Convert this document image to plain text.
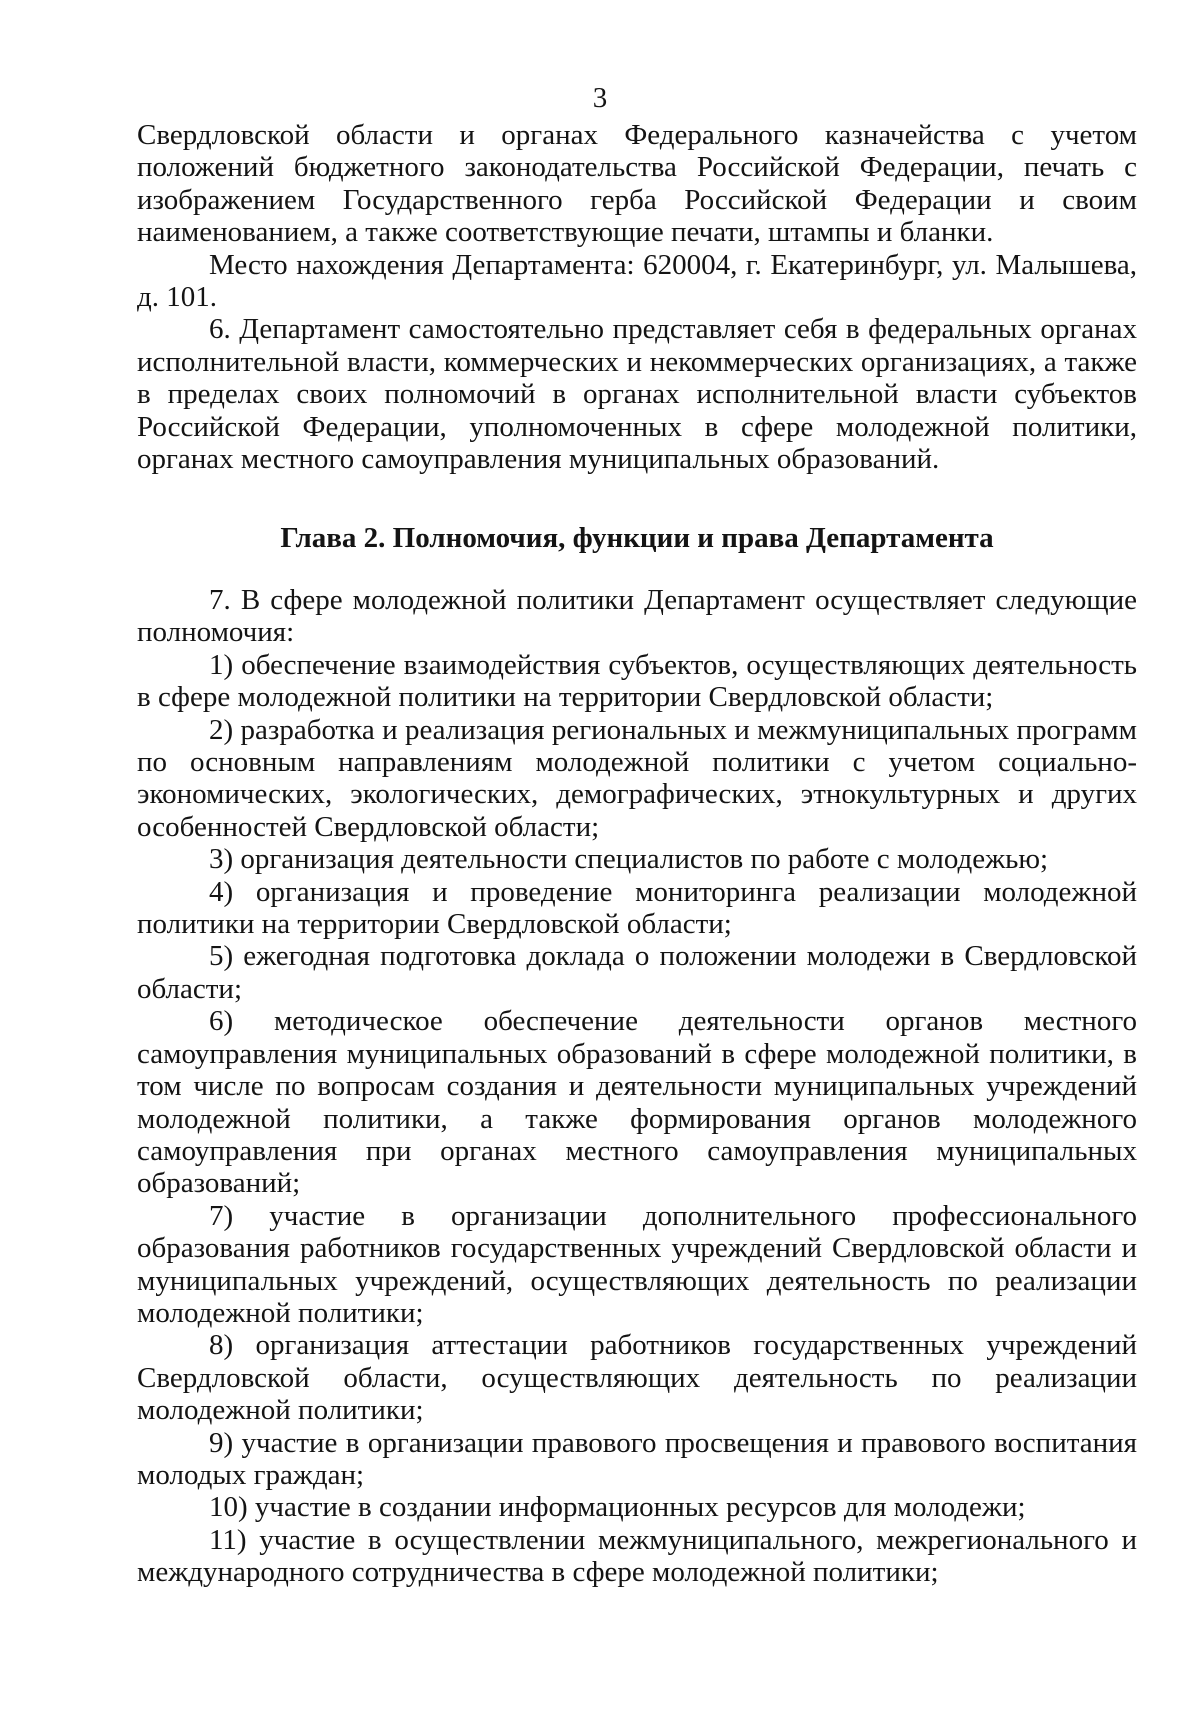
3

Свердловской области и органах Федерального казначейства с учетом положений бюджетного законодательства Российской Федерации, печать с изображением Государственного герба Российской Федерации и своим наименованием, а также соответствующие печати, штампы и бланки.

Место нахождения Департамента: 620004, г. Екатеринбург, ул. Малышева, д. 101.

6. Департамент самостоятельно представляет себя в федеральных органах исполнительной власти, коммерческих и некоммерческих организациях, а также в пределах своих полномочий в органах исполнительной власти субъектов Российской Федерации, уполномоченных в сфере молодежной политики, органах местного самоуправления муниципальных образований.

Глава 2. Полномочия, функции и права Департамента

7. В сфере молодежной политики Департамент осуществляет следующие полномочия:

1) обеспечение взаимодействия субъектов, осуществляющих деятельность в сфере молодежной политики на территории Свердловской области;

2) разработка и реализация региональных и межмуниципальных программ по основным направлениям молодежной политики с учетом социально-экономических, экологических, демографических, этнокультурных и других особенностей Свердловской области;

3) организация деятельности специалистов по работе с молодежью;

4) организация и проведение мониторинга реализации молодежной политики на территории Свердловской области;

5) ежегодная подготовка доклада о положении молодежи в Свердловской области;

6) методическое обеспечение деятельности органов местного самоуправления муниципальных образований в сфере молодежной политики, в том числе по вопросам создания и деятельности муниципальных учреждений молодежной политики, а также формирования органов молодежного самоуправления при органах местного самоуправления муниципальных образований;

7) участие в организации дополнительного профессионального образования работников государственных учреждений Свердловской области и муниципальных учреждений, осуществляющих деятельность по реализации молодежной политики;

8) организация аттестации работников государственных учреждений Свердловской области, осуществляющих деятельность по реализации молодежной политики;

9) участие в организации правового просвещения и правового воспитания молодых граждан;

10) участие в создании информационных ресурсов для молодежи;

11) участие в осуществлении межмуниципального, межрегионального и международного сотрудничества в сфере молодежной политики;
